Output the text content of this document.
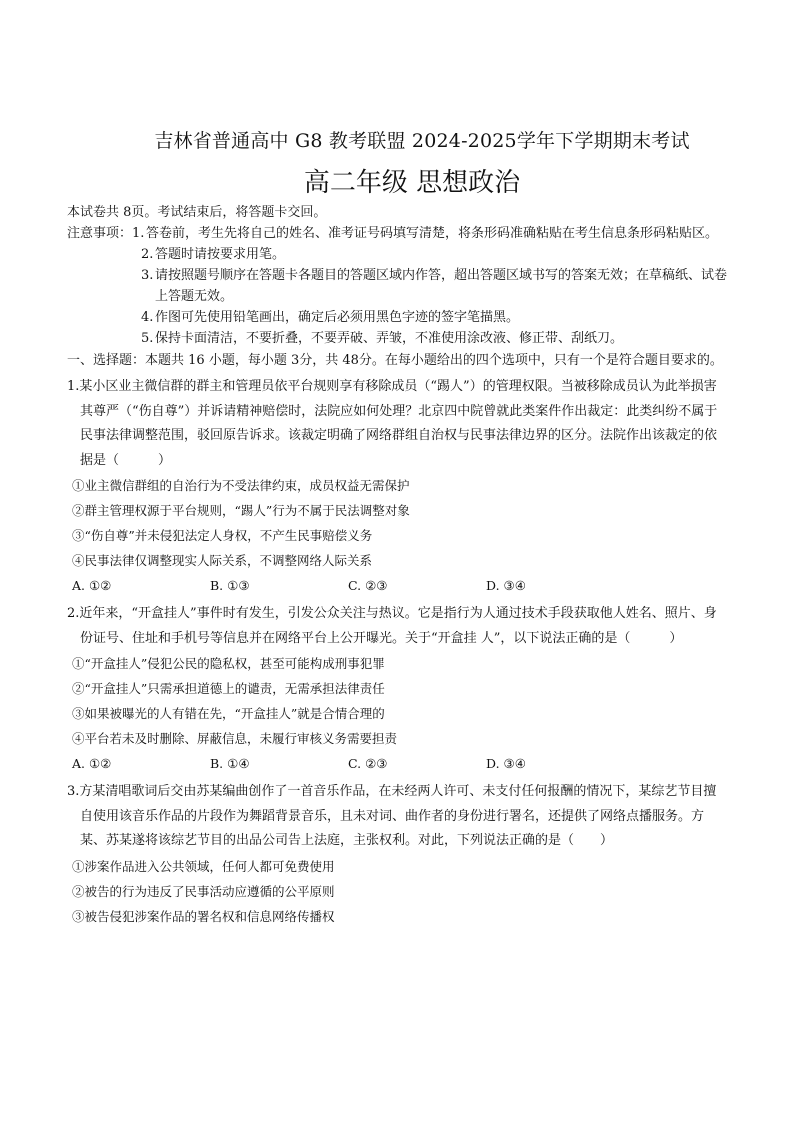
吉林省普通高中 G8 教考联盟 2024-2025学年下学期期末考试
高二年级 思想政治
本试卷共 8页。考试结束后，将答题卡交回。
注意事项： 1. 答卷前，考生先将自己的姓名、准考证号码填写清楚，将条形码准确粘贴在考生信息条形码粘贴区。
2. 答题时请按要求用笔。
3. 请按照题号顺序在答题卡各题目的答题区域内作答，超出答题区域书写的答案无效；在草稿纸、试卷上答题无效。
4. 作图可先使用铅笔画出，确定后必须用黑色字迹的签字笔描黑。
5. 保持卡面清洁，不要折叠，不要弄破、弄皱，不准使用涂改液、修正带、刮纸刀。
一、选择题： 本题共 16 小题，每小题 3分，共 48分。在每小题给出的四个选项中，只有一个是符合题目要求的。
1.某小区业主微信群的群主和管理员依平台规则享有移除成员（“踢人”）的管理权限。当被移除成员认为此举损害其尊严（“伤自尊”）并诉请精神赔偿时，法院应如何处理？北京四中院曾就此类案件作出裁定：此类纠纷不属于民事法律调整范围，驳回原告诉求。该裁定明确了网络群组自治权与民事法律边界的区分。法院作出该裁定的依据是（　　　）
①业主微信群组的自治行为不受法律约束，成员权益无需保护
②群主管理权源于平台规则，“踢人”行为不属于民法调整对象
③“伤自尊”并未侵犯法定人身权，不产生民事赔偿义务
④民事法律仅调整现实人际关系，不调整网络人际关系
A. ①②	B. ①③	C. ②③	D. ③④
2.近年来，“开盒挂人”事件时有发生，引发公众关注与热议。它是指行为人通过技术手段获取他人姓名、照片、身份证号、住址和手机号等信息并在网络平台上公开曝光。关于“开盒挂 人”，以下说法正确的是（　　　）
①“开盒挂人”侵犯公民的隐私权，甚至可能构成刑事犯罪
②“开盒挂人”只需承担道德上的谴责，无需承担法律责任
③如果被曝光的人有错在先，“开盒挂人”就是合情合理的
④平台若未及时删除、屏蔽信息，未履行审核义务需要担责
A. ①②	B. ①④	C. ②③	D. ③④
3.方某清唱歌词后交由苏某编曲创作了一首音乐作品，在未经两人许可、未支付任何报酬的情况下，某综艺节目擅自使用该音乐作品的片段作为舞蹈背景音乐，且未对词、曲作者的身份进行署名，还提供了网络点播服务。方某、苏某遂将该综艺节目的出品公司告上法庭，主张权利。对此，下列说法正确的是（　　）
①涉案作品进入公共领域，任何人都可免费使用
②被告的行为违反了民事活动应遵循的公平原则
③被告侵犯涉案作品的署名权和信息网络传播权
